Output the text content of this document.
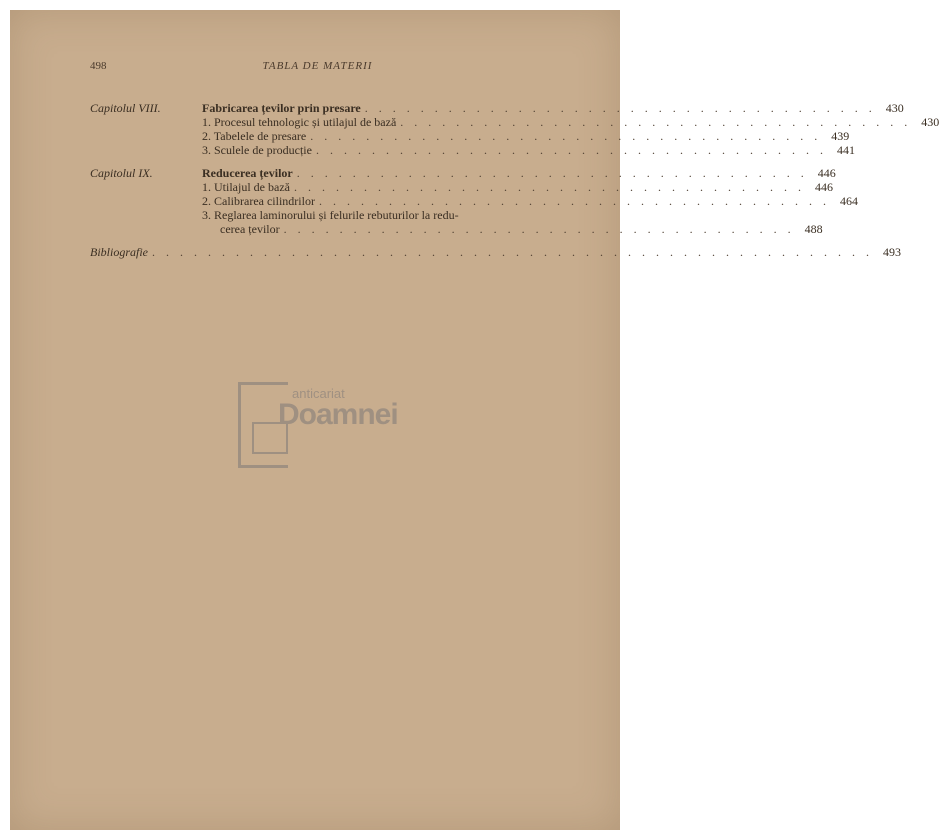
498	TABLA DE MATERII
Capitolul VIII.	Fabricarea țevilor prin presare . . . . . . . . . . . . . . . . . . . . . . . . . . . . . . . . . . . . . 430
1. Procesul tehnologic și utilajul de bază . . . . . . . . . . . . . . . . . . . . . . . . . . . . . . . . . . . . . 430
2. Tabelele de presare . . . . . . . . . . . . . . . . . . . . . . . . . . . . . . . . . . . . . 439
3. Sculele de producție . . . . . . . . . . . . . . . . . . . . . . . . . . . . . . . . . . . . . 441
Capitolul IX.	Reducerea țevilor . . . . . . . . . . . . . . . . . . . . . . . . . . . . . . . . . . . . . 446
1. Utilajul de bază . . . . . . . . . . . . . . . . . . . . . . . . . . . . . . . . . . . . . 446
2. Calibrarea cilindrilor . . . . . . . . . . . . . . . . . . . . . . . . . . . . . . . . . . . . . 464
3. Reglarea laminorului și felurile rebuturilor la redu-
cerea țevilor . . . . . . . . . . . . . . . . . . . . . . . . . . . . . . . . . . . . . 488
Bibliografie . . . . . . . . . . . . . . . . . . . . . . . . . . . . . . . . . . . . . . . . . . . . . . . . . . . . 493
anticariat
Doamnei
